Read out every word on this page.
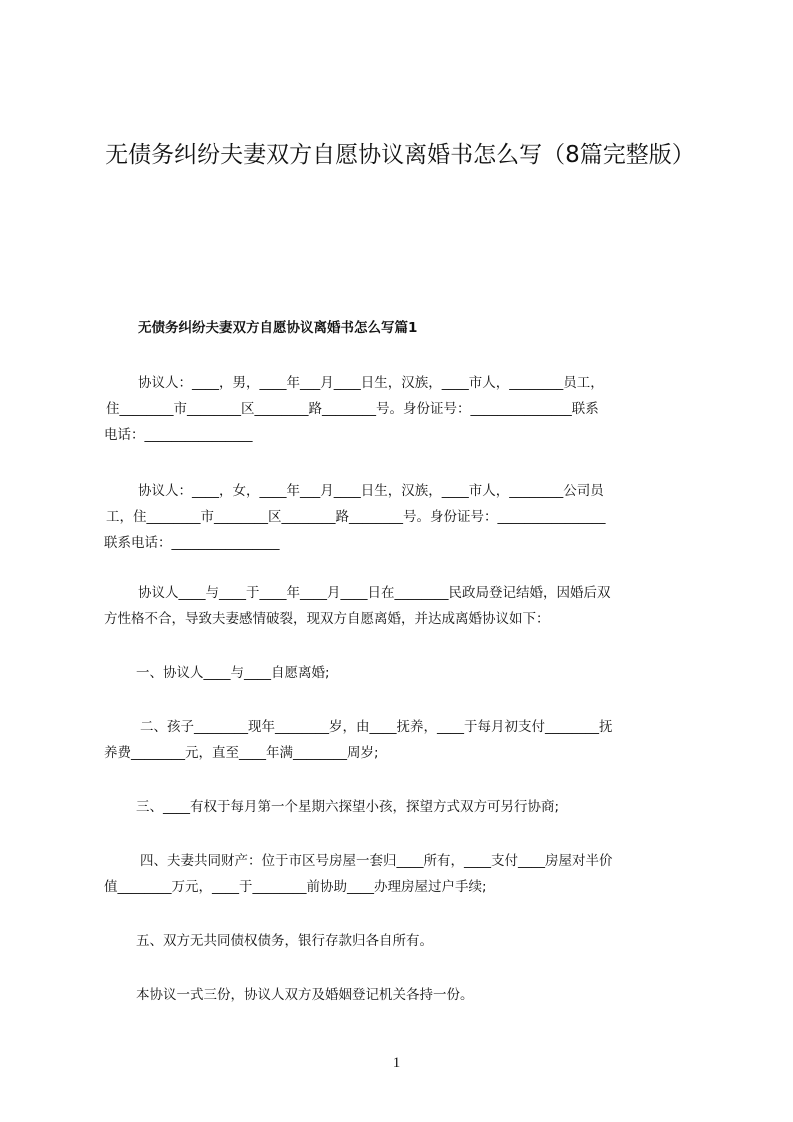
无债务纠纷夫妻双方自愿协议离婚书怎么写（8篇完整版）
无债务纠纷夫妻双方自愿协议离婚书怎么写篇1

协议人：____，男，____年___月____日生，汉族，____市人，________员工，

住________市________区________路________号。身份证号：_______________联系

电话：________________

协议人：____，女，____年___月____日生，汉族，____市人，________公司员

工，住________市________区________路________号。身份证号：________________

联系电话：________________

协议人____与____于____年____月____日在________民政局登记结婚，因婚后双

方性格不合，导致夫妻感情破裂，现双方自愿离婚，并达成离婚协议如下：

一、协议人____与____自愿离婚;

二、孩子________现年________岁，由____抚养，____于每月初支付________抚

养费________元，直至____年满________周岁;

三、____有权于每月第一个星期六探望小孩，探望方式双方可另行协商;

四、夫妻共同财产：位于市区号房屋一套归____所有，____支付____房屋对半价

值________万元，____于________前协助____办理房屋过户手续;

五、双方无共同债权债务，银行存款归各自所有。

本协议一式三份，协议人双方及婚姻登记机关各持一份。

1
